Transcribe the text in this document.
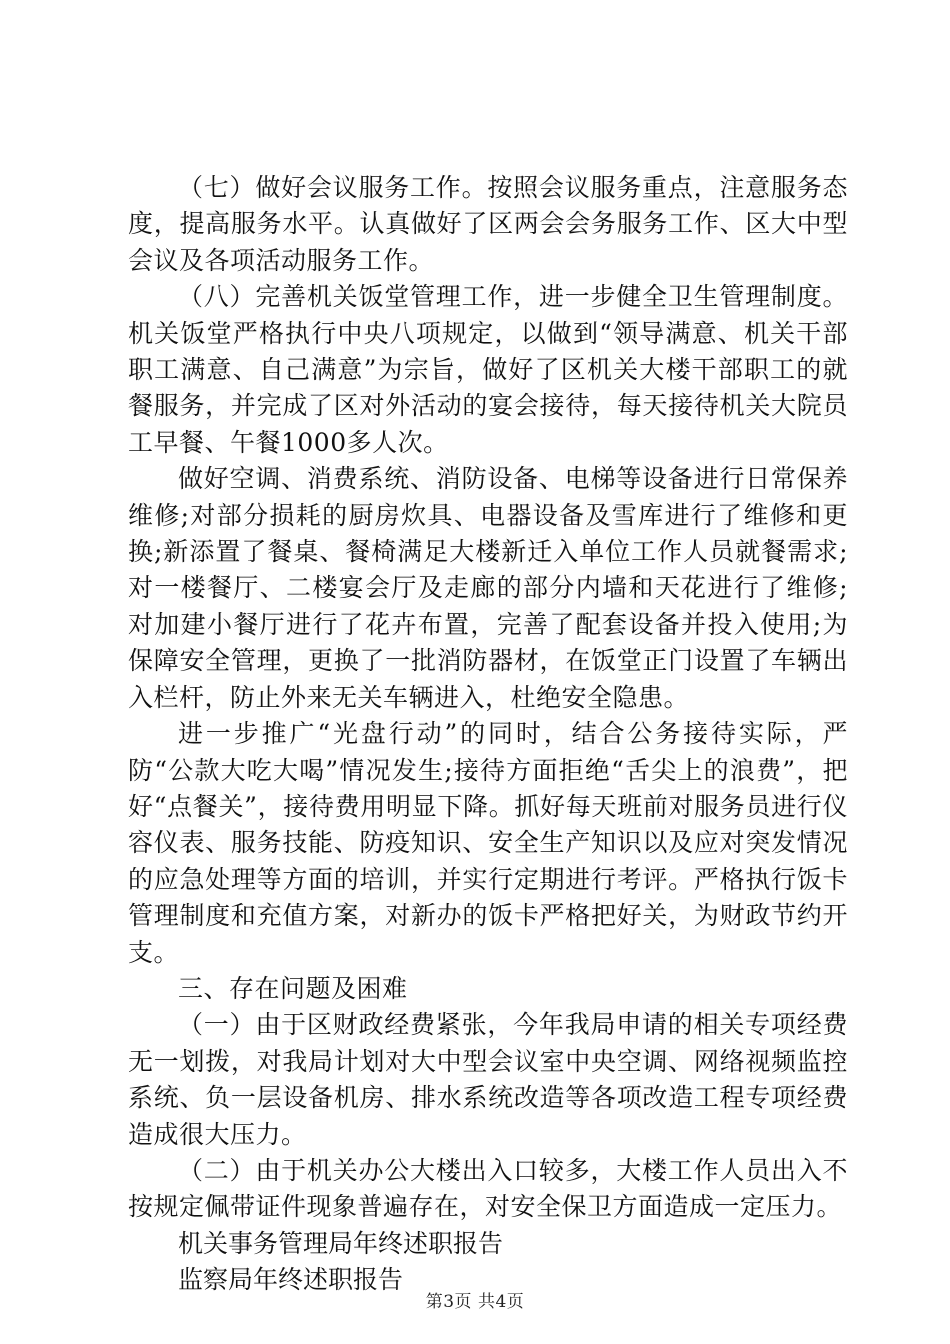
（七）做好会议服务工作。按照会议服务重点，注意服务态度，提高服务水平。认真做好了区两会会务服务工作、区大中型会议及各项活动服务工作。

（八）完善机关饭堂管理工作，进一步健全卫生管理制度。机关饭堂严格执行中央八项规定，以做到“领导满意、机关干部职工满意、自己满意”为宗旨，做好了区机关大楼干部职工的就餐服务，并完成了区对外活动的宴会接待，每天接待机关大院员工早餐、午餐1000多人次。

做好空调、消费系统、消防设备、电梯等设备进行日常保养维修;对部分损耗的厨房炊具、电器设备及雪库进行了维修和更换;新添置了餐桌、餐椅满足大楼新迁入单位工作人员就餐需求;对一楼餐厅、二楼宴会厅及走廊的部分内墙和天花进行了维修;对加建小餐厅进行了花卉布置，完善了配套设备并投入使用;为保障安全管理，更换了一批消防器材，在饭堂正门设置了车辆出入栏杆，防止外来无关车辆进入，杜绝安全隐患。

进一步推广“光盘行动”的同时，结合公务接待实际，严防“公款大吃大喝”情况发生;接待方面拒绝“舌尖上的浪费”，把好“点餐关”，接待费用明显下降。抓好每天班前对服务员进行仪容仪表、服务技能、防疫知识、安全生产知识以及应对突发情况的应急处理等方面的培训，并实行定期进行考评。严格执行饭卡管理制度和充值方案，对新办的饭卡严格把好关，为财政节约开支。

三、存在问题及困难

（一）由于区财政经费紧张，今年我局申请的相关专项经费无一划拨，对我局计划对大中型会议室中央空调、网络视频监控系统、负一层设备机房、排水系统改造等各项改造工程专项经费造成很大压力。

（二）由于机关办公大楼出入口较多，大楼工作人员出入不按规定佩带证件现象普遍存在，对安全保卫方面造成一定压力。

机关事务管理局年终述职报告

监察局年终述职报告

第3页 共4页
